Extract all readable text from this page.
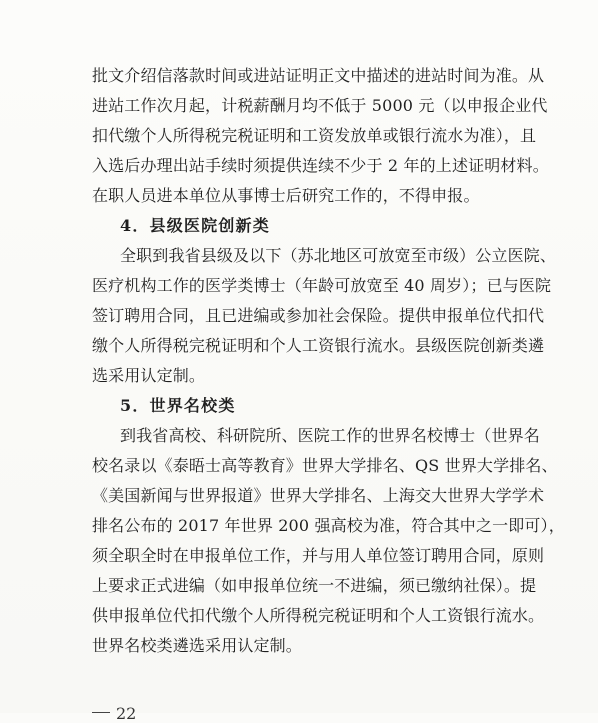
批文介绍信落款时间或进站证明正文中描述的进站时间为准。从
进站工作次月起，计税薪酬月均不低于 5000 元（以申报企业代
扣代缴个人所得税完税证明和工资发放单或银行流水为准），且
入选后办理出站手续时须提供连续不少于 2 年的上述证明材料。
在职人员进本单位从事博士后研究工作的，不得申报。
4．县级医院创新类
全职到我省县级及以下（苏北地区可放宽至市级）公立医院、
医疗机构工作的医学类博士（年龄可放宽至 40 周岁）；已与医院
签订聘用合同，且已进编或参加社会保险。提供申报单位代扣代
缴个人所得税完税证明和个人工资银行流水。县级医院创新类遴
选采用认定制。
5．世界名校类
到我省高校、科研院所、医院工作的世界名校博士（世界名
校名录以《泰晤士高等教育》世界大学排名、QS 世界大学排名、
《美国新闻与世界报道》世界大学排名、上海交大世界大学学术
排名公布的 2017 年世界 200 强高校为准，符合其中之一即可），
须全职全时在申报单位工作，并与用人单位签订聘用合同，原则
上要求正式进编（如申报单位统一不进编，须已缴纳社保）。提
供申报单位代扣代缴个人所得税完税证明和个人工资银行流水。
世界名校类遴选采用认定制。
22
